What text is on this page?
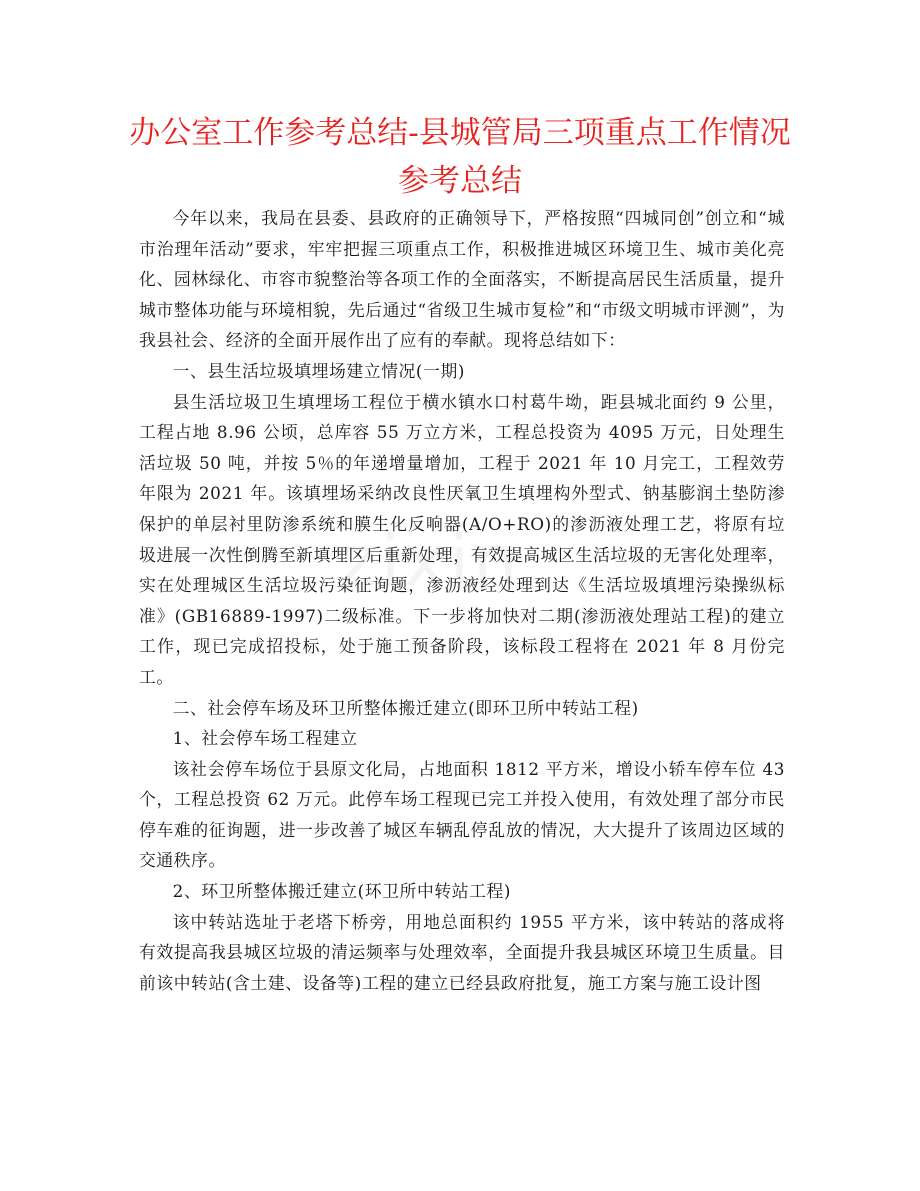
办公室工作参考总结-县城管局三项重点工作情况
参考总结

今年以来，我局在县委、县政府的正确领导下，严格按照“四城同创”创立和“城市治理年活动”要求，牢牢把握三项重点工作，积极推进城区环境卫生、城市美化亮化、园林绿化、市容市貌整治等各项工作的全面落实，不断提高居民生活质量，提升城市整体功能与环境相貌，先后通过“省级卫生城市复检”和“市级文明城市评测”，为我县社会、经济的全面开展作出了应有的奉献。现将总结如下：

一、县生活垃圾填埋场建立情况(一期)

县生活垃圾卫生填埋场工程位于横水镇水口村葛牛坳，距县城北面约 9 公里，工程占地 8.96 公顷，总库容 55 万立方米，工程总投资为 4095 万元，日处理生活垃圾 50 吨，并按 5％的年递增量增加，工程于 2021 年 10 月完工，工程效劳年限为 2021 年。该填埋场采纳改良性厌氧卫生填埋构外型式、钠基膨润土垫防渗保护的单层衬里防渗系统和膜生化反响器(A/O+RO)的渗沥液处理工艺，将原有垃圾进展一次性倒腾至新填埋区后重新处理，有效提高城区生活垃圾的无害化处理率，实在处理城区生活垃圾污染征询题，渗沥液经处理到达《生活垃圾填埋污染操纵标准》(GB16889-1997)二级标准。下一步将加快对二期(渗沥液处理站工程)的建立工作，现已完成招投标，处于施工预备阶段，该标段工程将在 2021 年 8 月份完工。

二、社会停车场及环卫所整体搬迁建立(即环卫所中转站工程)

1、社会停车场工程建立

该社会停车场位于县原文化局，占地面积 1812 平方米，增设小轿车停车位 43 个，工程总投资 62 万元。此停车场工程现已完工并投入使用，有效处理了部分市民停车难的征询题，进一步改善了城区车辆乱停乱放的情况，大大提升了该周边区域的交通秩序。

2、环卫所整体搬迁建立(环卫所中转站工程)

该中转站选址于老塔下桥旁，用地总面积约 1955 平方米，该中转站的落成将有效提高我县城区垃圾的清运频率与处理效率，全面提升我县城区环境卫生质量。目前该中转站(含土建、设备等)工程的建立已经县政府批复，施工方案与施工设计图
